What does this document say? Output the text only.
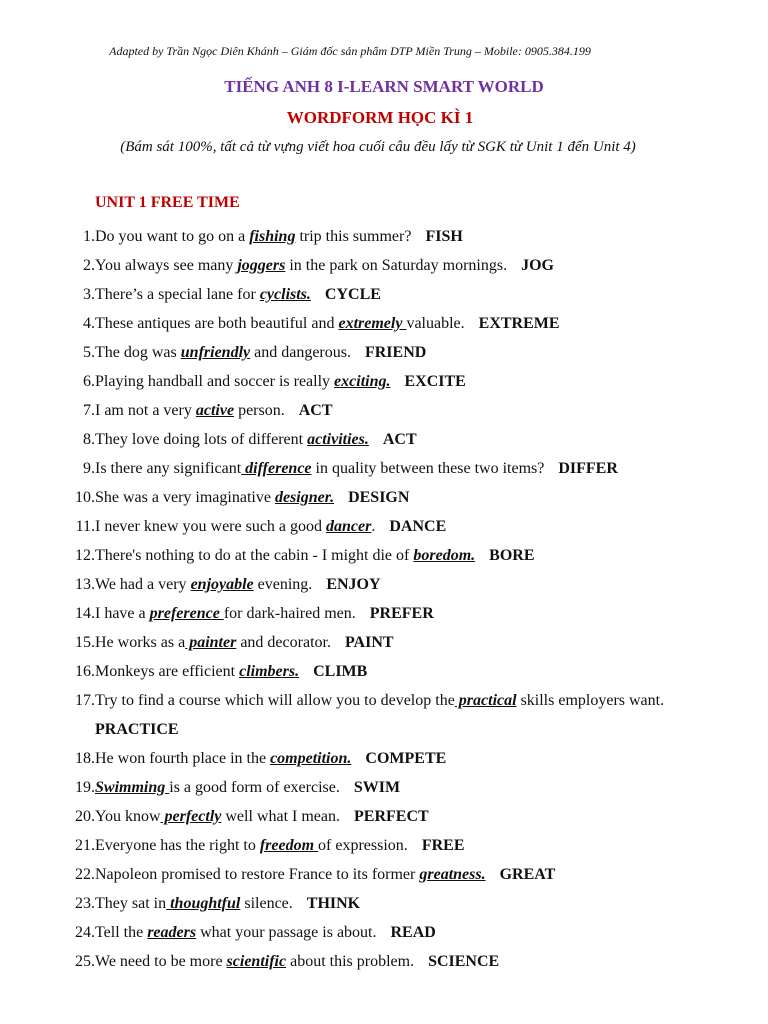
Adapted by Trần Ngọc Diên Khánh – Giám đốc sản phẩm DTP Miền Trung – Mobile: 0905.384.199
TIẾNG ANH 8 I-LEARN SMART WORLD
WORDFORM HỌC KÌ 1
(Bám sát 100%, tất cả từ vựng viết hoa cuối câu đều lấy từ SGK từ Unit 1 đến Unit 4)
UNIT 1 FREE TIME
1. Do you want to go on a fishing trip this summer? FISH
2. You always see many joggers in the park on Saturday mornings. JOG
3. There’s a special lane for cyclists. CYCLE
4. These antiques are both beautiful and extremely valuable. EXTREME
5. The dog was unfriendly and dangerous. FRIEND
6. Playing handball and soccer is really exciting. EXCITE
7. I am not a very active person. ACT
8. They love doing lots of different activities. ACT
9. Is there any significant difference in quality between these two items? DIFFER
10. She was a very imaginative designer. DESIGN
11. I never knew you were such a good dancer. DANCE
12. There's nothing to do at the cabin - I might die of boredom. BORE
13. We had a very enjoyable evening. ENJOY
14. I have a preference for dark-haired men. PREFER
15. He works as a painter and decorator. PAINT
16. Monkeys are efficient climbers. CLIMB
17. Try to find a course which will allow you to develop the practical skills employers want.
PRACTICE
18. He won fourth place in the competition. COMPETE
19. Swimming is a good form of exercise. SWIM
20. You know perfectly well what I mean. PERFECT
21. Everyone has the right to freedom of expression. FREE
22. Napoleon promised to restore France to its former greatness. GREAT
23. They sat in thoughtful silence. THINK
24. Tell the readers what your passage is about. READ
25. We need to be more scientific about this problem. SCIENCE
